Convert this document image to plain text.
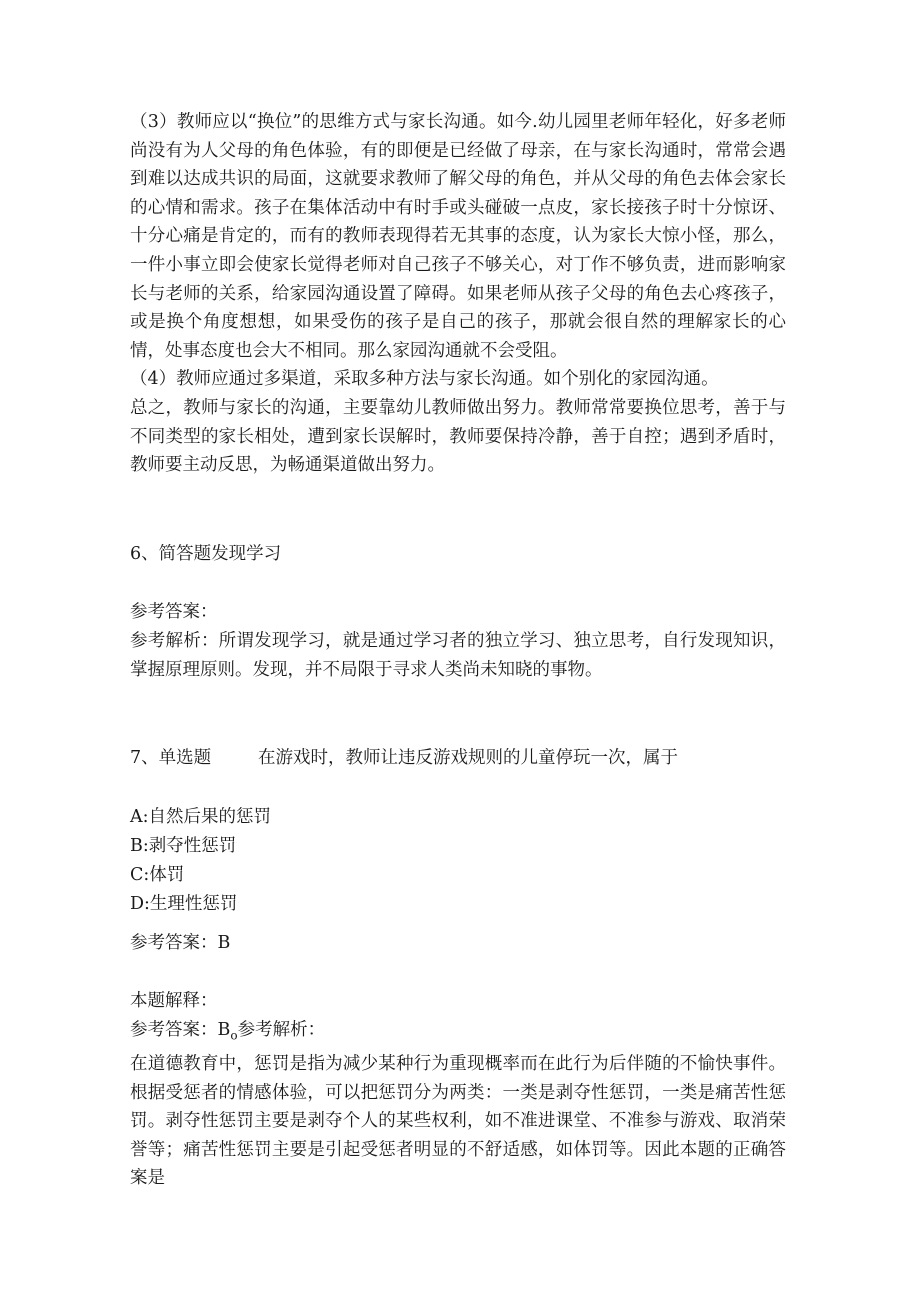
（3）教师应以“换位”的思维方式与家长沟通。如今.幼儿园里老师年轻化，好多老师尚没有为人父母的角色体验，有的即便是已经做了母亲，在与家长沟通时，常常会遇到难以达成共识的局面，这就要求教师了解父母的角色，并从父母的角色去体会家长的心情和需求。孩子在集体活动中有时手或头碰破一点皮，家长接孩子时十分惊讶、十分心痛是肯定的，而有的教师表现得若无其事的态度，认为家长大惊小怪，那么，一件小事立即会使家长觉得老师对自己孩子不够关心，对丁作不够负责，进而影响家长与老师的关系，给家园沟通设置了障碍。如果老师从孩子父母的角色去心疼孩子，或是换个角度想想，如果受伤的孩子是自己的孩子，那就会很自然的理解家长的心情，处事态度也会大不相同。那么家园沟通就不会受阻。

（4）教师应通过多渠道，采取多种方法与家长沟通。如个别化的家园沟通。

总之，教师与家长的沟通，主要靠幼儿教师做出努力。教师常常要换位思考，善于与不同类型的家长相处，遭到家长误解时，教师要保持冷静，善于自控；遇到矛盾时，教师要主动反思，为畅通渠道做出努力。

6、简答题发现学习

参考答案：

参考解析：所谓发现学习，就是通过学习者的独立学习、独立思考，自行发现知识，掌握原理原则。发现，并不局限于寻求人类尚未知晓的事物。

7、单选题	在游戏时，教师让违反游戏规则的儿童停玩一次，属于

A:自然后果的惩罚

B:剥夺性惩罚

C:体罚

D:生理性惩罚

参考答案：B

本题解释：

参考答案：$B_o$参考解析：

在道德教育中，惩罚是指为减少某种行为重现概率而在此行为后伴随的不愉快事件。根据受惩者的情感体验，可以把惩罚分为两类：一类是剥夺性惩罚，一类是痛苦性惩罚。剥夺性惩罚主要是剥夺个人的某些权利，如不准进课堂、不准参与游戏、取消荣誉等；痛苦性惩罚主要是引起受惩者明显的不舒适感，如体罚等。因此本题的正确答案是
